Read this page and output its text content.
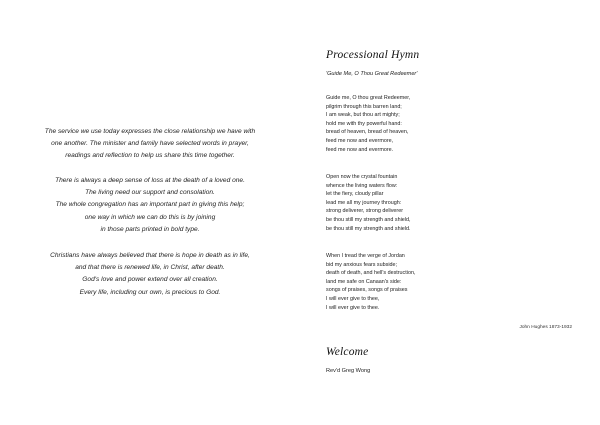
The service we use today expresses the close relationship we have with

one another. The minister and family have selected words in prayer,

readings and reflection to help us share this time together.

There is always a deep sense of loss at the death of a loved one.

The living need our support and consolation.

The whole congregation has an important part in giving this help;

one way in which we can do this is by joining

in those parts printed in bold type.

Christians have always believed that there is hope in death as in life,

and that there is renewed life, in Christ, after death.

God's love and power extend over all creation.

Every life, including our own, is precious to God.

Processional Hymn
'Guide Me, O Thou Great Redeemer'

Guide me, O thou great Redeemer,

pilgrim through this barren land;

I am weak, but thou art mighty;

hold me with thy powerful hand:

bread of heaven, bread of heaven,

feed me now and evermore,

feed me now and evermore.

Open now the crystal fountain

whence the living waters flow:

let the fiery, cloudy pillar

lead me all my journey through:

strong deliverer, strong deliverer

be thou still my strength and shield,

be thou still my strength and shield.

When I tread the verge of Jordan

bid my anxious fears subside;

death of death, and hell's destruction,

land me safe on Canaan's side:

songs of praises, songs of praises

I will ever give to thee,

I will ever give to thee.

John Hughes 1873-1932
Welcome
Rev'd Greg Wong
